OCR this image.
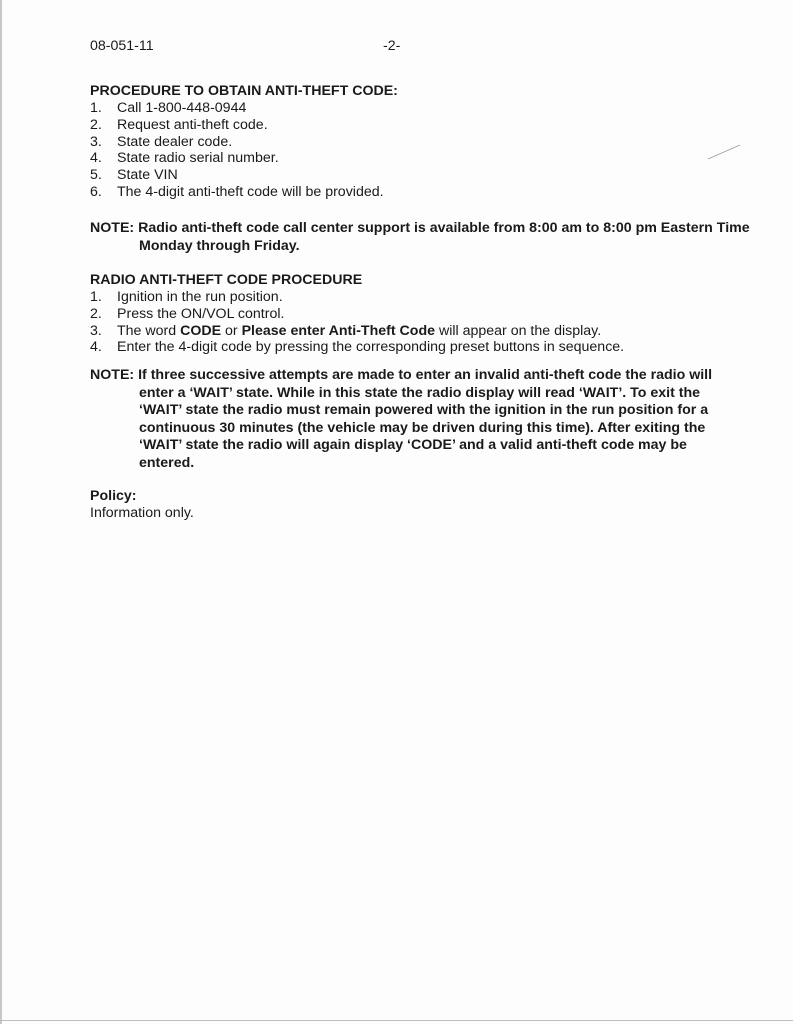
08-051-11	-2-
PROCEDURE TO OBTAIN ANTI-THEFT CODE:
1. Call 1-800-448-0944
2. Request anti-theft code.
3. State dealer code.
4. State radio serial number.
5. State VIN
6. The 4-digit anti-theft code will be provided.
NOTE: Radio anti-theft code call center support is available from 8:00 am to 8:00 pm Eastern Time Monday through Friday.
RADIO ANTI-THEFT CODE PROCEDURE
1. Ignition in the run position.
2. Press the ON/VOL control.
3. The word CODE or Please enter Anti-Theft Code will appear on the display.
4. Enter the 4-digit code by pressing the corresponding preset buttons in sequence.
NOTE: If three successive attempts are made to enter an invalid anti-theft code the radio will enter a ‘WAIT’ state. While in this state the radio display will read ‘WAIT’. To exit the ‘WAIT’ state the radio must remain powered with the ignition in the run position for a continuous 30 minutes (the vehicle may be driven during this time). After exiting the ‘WAIT’ state the radio will again display ‘CODE’ and a valid anti-theft code may be entered.
Policy:
Information only.
